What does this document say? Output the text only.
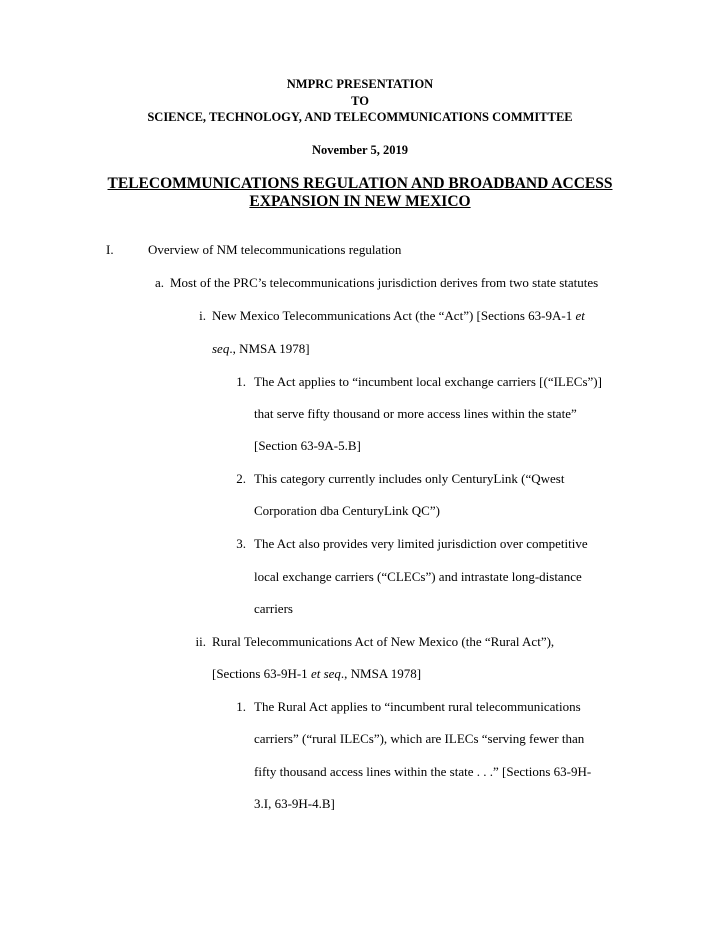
NMPRC PRESENTATION
TO
SCIENCE, TECHNOLOGY, AND TELECOMMUNICATIONS COMMITTEE
November 5, 2019
TELECOMMUNICATIONS REGULATION AND BROADBAND ACCESS
EXPANSION IN NEW MEXICO
I.	Overview of NM telecommunications regulation
a. Most of the PRC’s telecommunications jurisdiction derives from two state statutes
i. New Mexico Telecommunications Act (the “Act”) [Sections 63-9A-1 et
seq., NMSA 1978]
1. The Act applies to “incumbent local exchange carriers [(“ILECs”)]
that serve fifty thousand or more access lines within the state”
[Section 63-9A-5.B]
2. This category currently includes only CenturyLink (“Qwest
Corporation dba CenturyLink QC”)
3. The Act also provides very limited jurisdiction over competitive
local exchange carriers (“CLECs”) and intrastate long-distance
carriers
ii. Rural Telecommunications Act of New Mexico (the “Rural Act”),
[Sections 63-9H-1 et seq., NMSA 1978]
1. The Rural Act applies to “incumbent rural telecommunications
carriers” (“rural ILECs”), which are ILECs “serving fewer than
fifty thousand access lines within the state . . .” [Sections 63-9H-
3.I, 63-9H-4.B]
